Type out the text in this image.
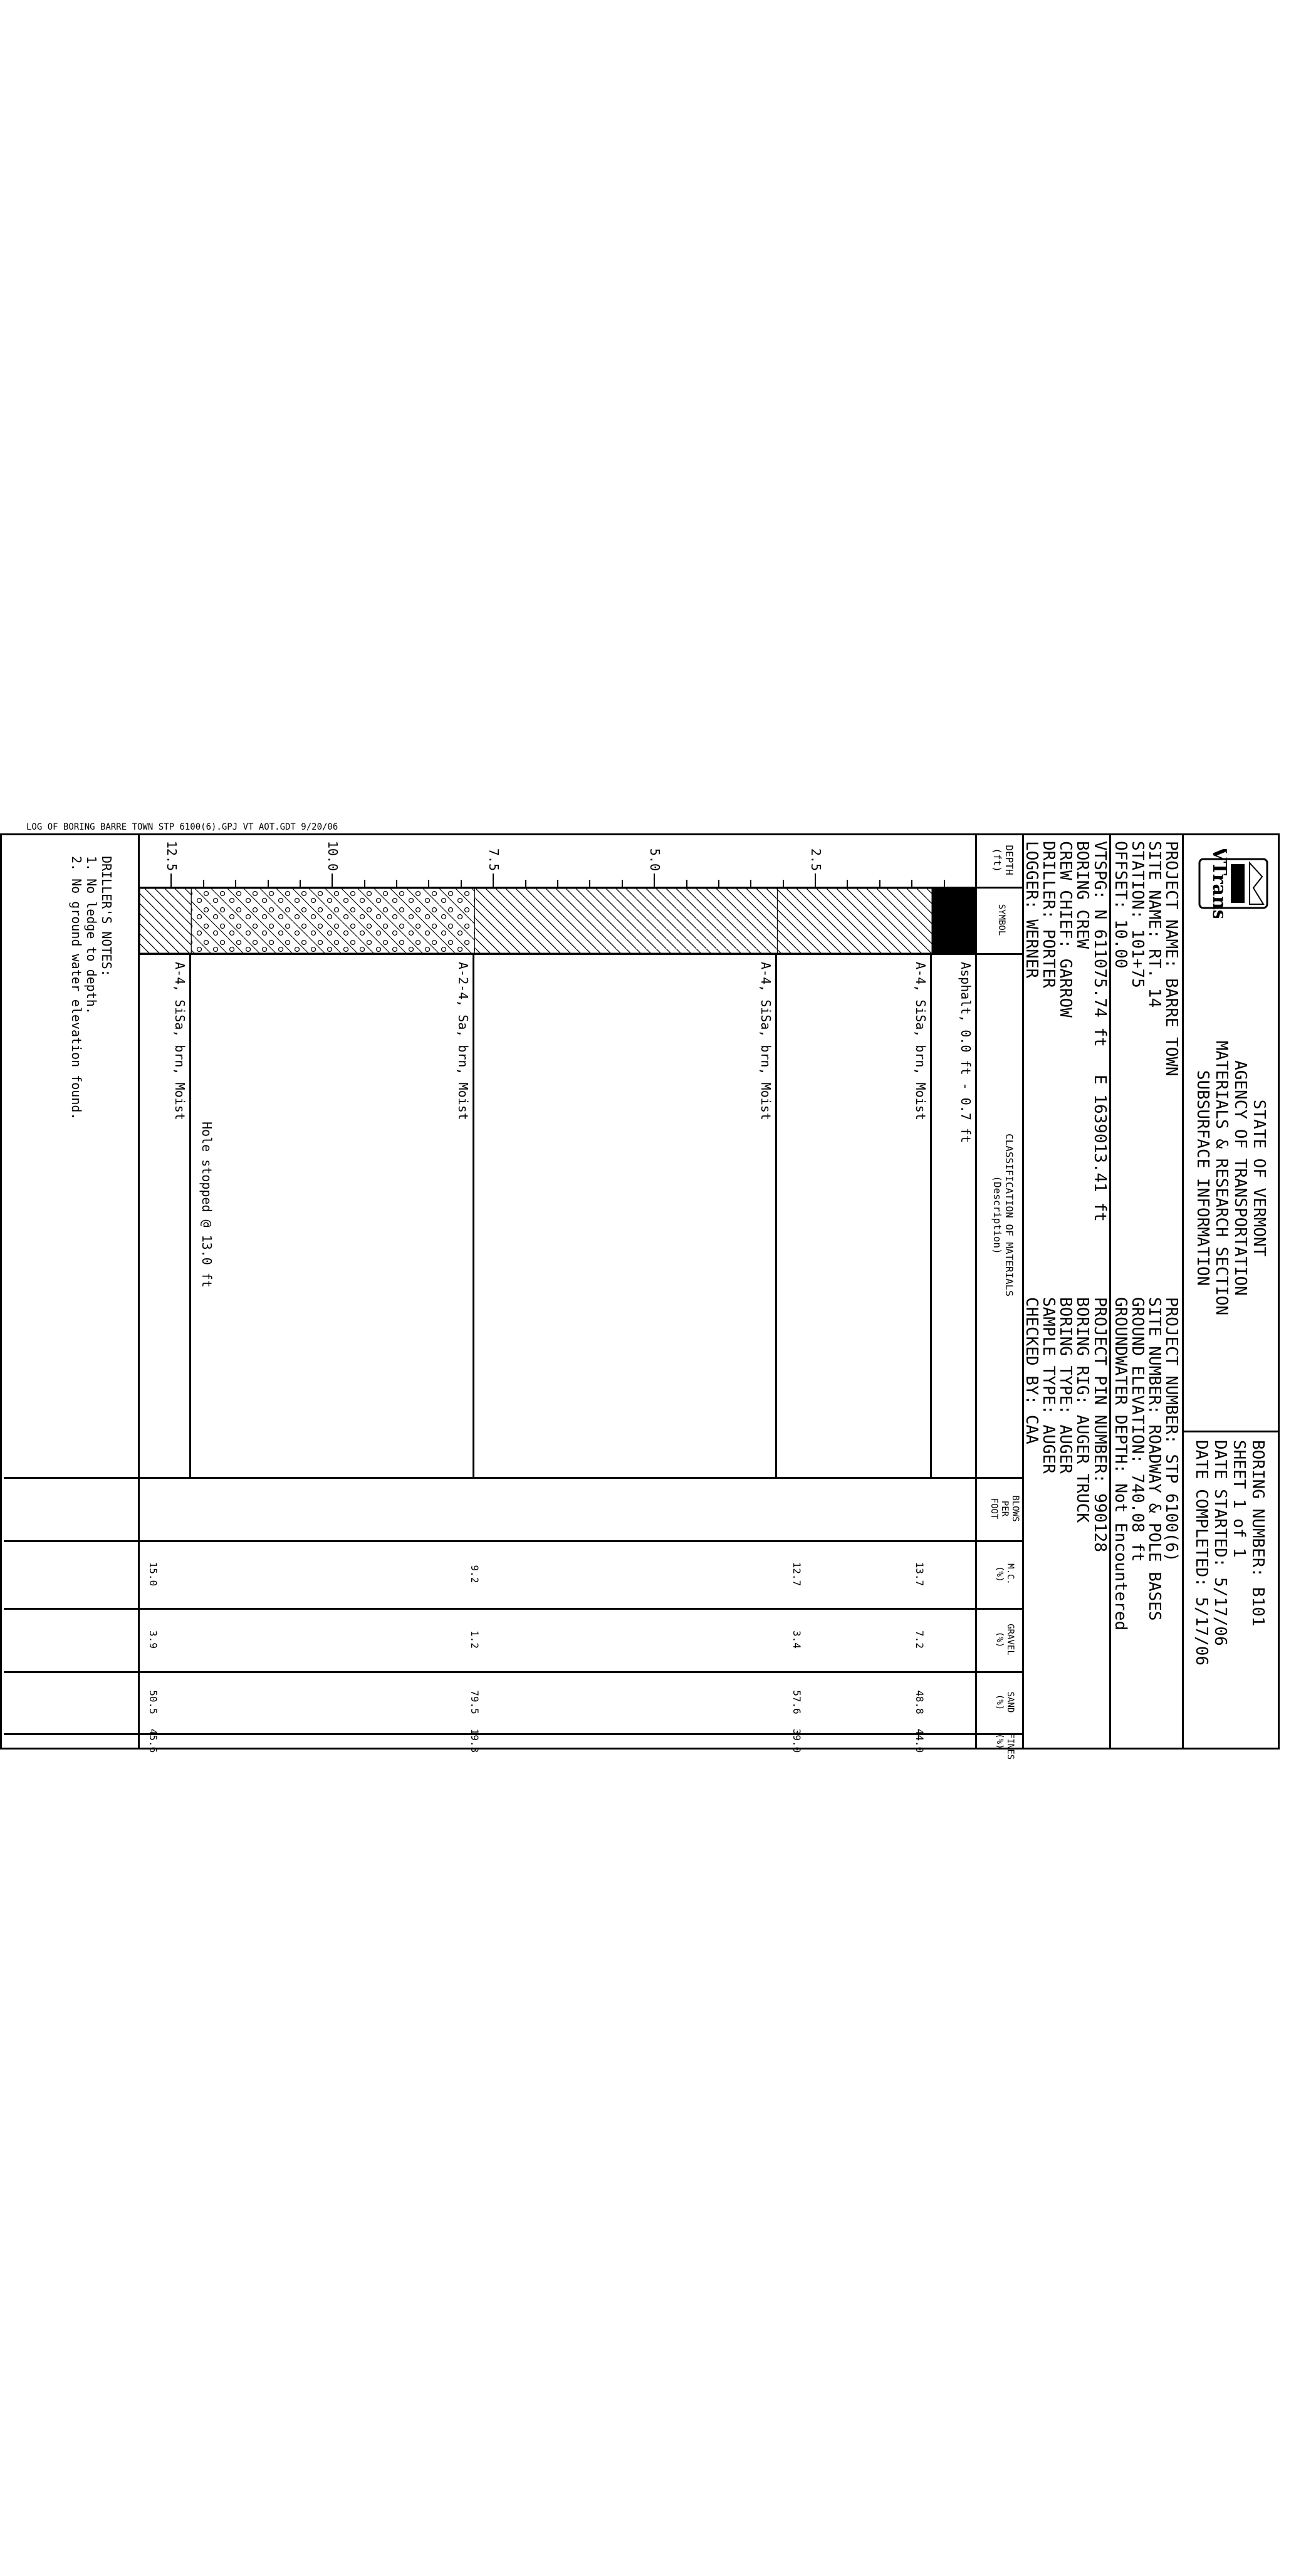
LOG OF BORING BARRE TOWN STP 6100(6).GPJ VT AOT.GDT 9/20/06
VTrans
STATE OF VERMONT
AGENCY OF TRANSPORTATION
MATERIALS & RESEARCH SECTION
SUBSURFACE INFORMATION
BORING NUMBER: B101
SHEET 1 of 1
DATE STARTED: 5/17/06
DATE COMPLETED: 5/17/06
PROJECT NAME: BARRE TOWN
SITE NAME: RT. 14
STATION: 101+75
OFFSET: 10.00
VTSPG: N 611075.74 ft
E 1639013.41 ft
PROJECT NUMBER: STP 6100(6)
SITE NUMBER: ROADWAY & POLE BASES
GROUND ELEVATION: 740.08 ft
GROUNDWATER DEPTH: Not Encountered
PROJECT PIN NUMBER: 990128
BORING CREW
CREW CHIEF: GARROW
DRILLER: PORTER
LOGGER: WERNER
BORING RIG: AUGER TRUCK
BORING TYPE: AUGER
SAMPLE TYPE: AUGER
CHECKED BY: CAA
DEPTH
(ft)
SYMBOL
CLASSIFICATION OF MATERIALS
(Description)
BLOWS
PER
FOOT
M.C.
(%)
GRAVEL
(%)
SAND
(%)
FINES
(%)
2.5
5.0
7.5
10.0
12.5
Asphalt, 0.0 ft - 0.7 ft
A-4, SiSa, brn, Moist
A-4, SiSa, brn, Moist
A-2-4, Sa, brn, Moist
A-4, SiSa, brn, Moist
13.7
7.2
48.8
44.0
12.7
3.4
57.6
39.0
9.2
1.2
79.5
19.3
15.0
3.9
50.5
45.6
Hole stopped @ 13.0 ft
DRILLER'S NOTES:
1. No ledge to depth.
2. No ground water elevation found.
